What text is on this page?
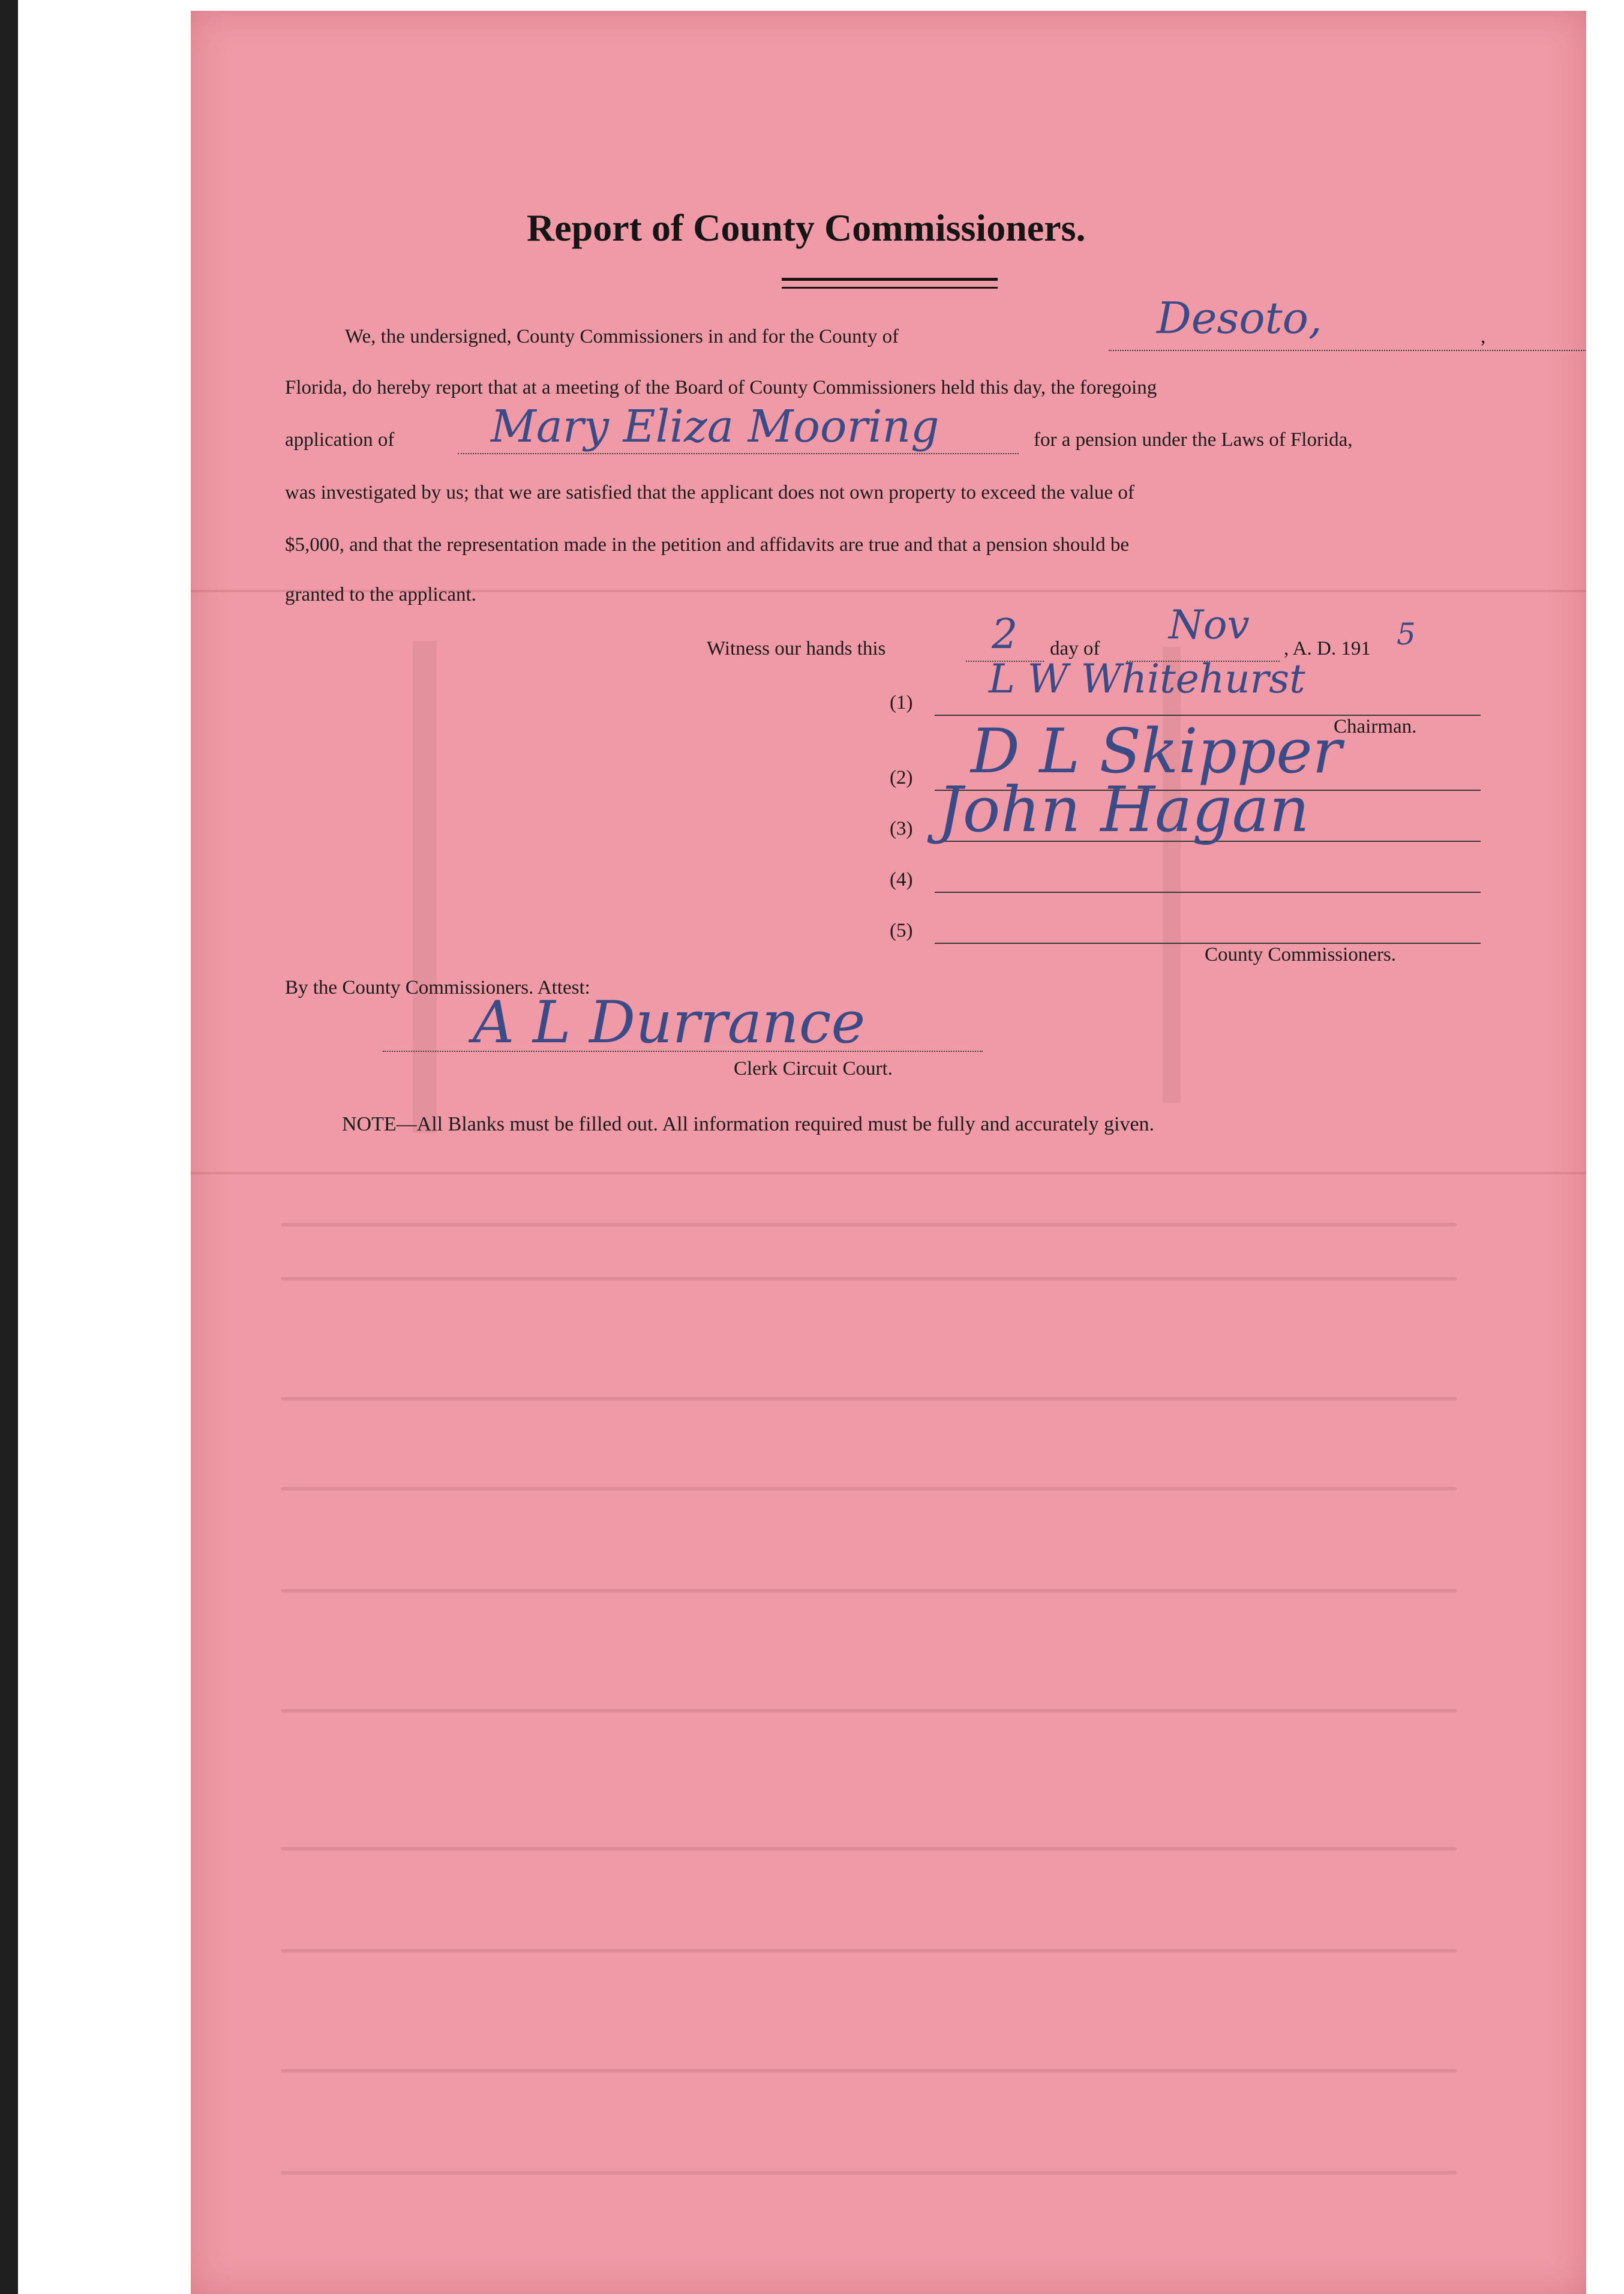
Report of County Commissioners.
We, the undersigned, County Commissioners in and for the County of	,
Desoto,
Florida, do hereby report that at a meeting of the Board of County Commissioners held this day, the foregoing
application of Mary Eliza Mooring	for a pension under the Laws of Florida,
was investigated by us; that we are satisfied that the applicant does not own property to exceed the value of
$5,000, and that the representation made in the petition and affidavits are true and that a pension should be
granted to the applicant.
Witness our hands this	2 day of
Nov
, A. D. 191 5
(1)
L W Whitehurst
Chairman.
(2) D L Skipper
(3) John Hagan
(4)
(5)
County Commissioners.
By the County Commissioners. Attest:
A L Durrance
Clerk Circuit Court.
NOTE—All Blanks must be filled out. All information required must be fully and accurately given.
